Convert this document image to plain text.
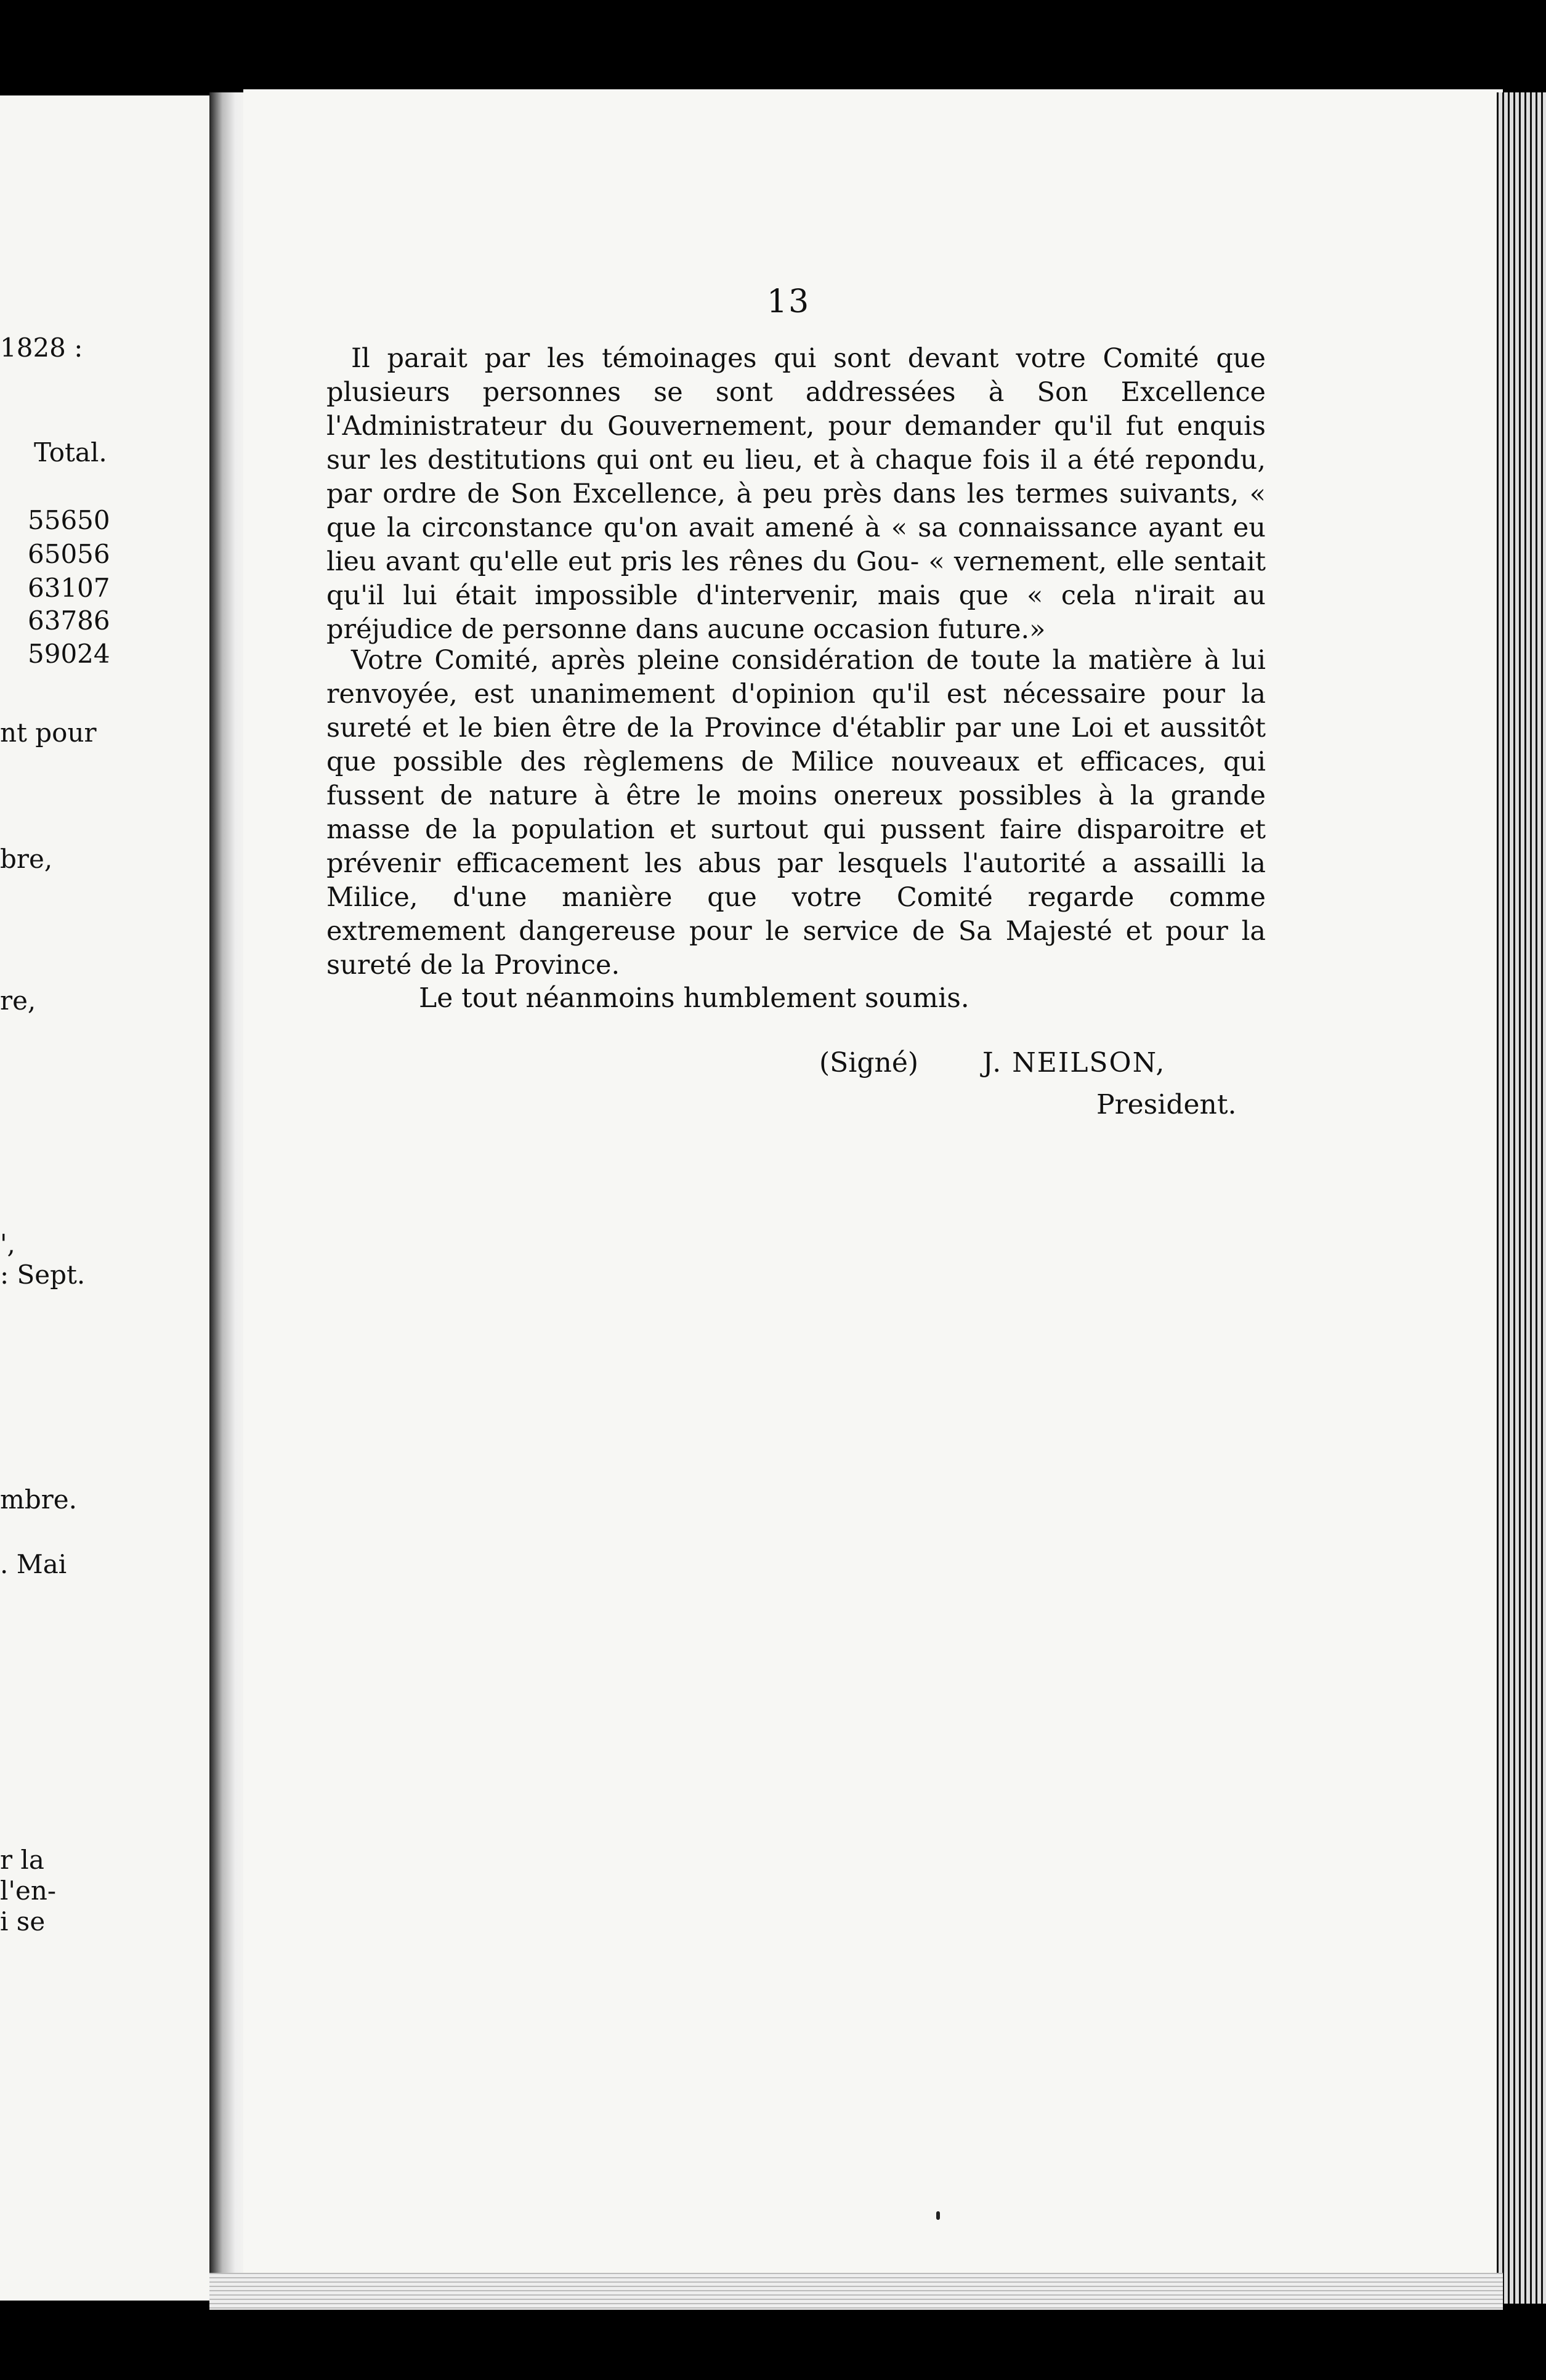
1828 :
Total.
55650
65056
63107
63786
59024
nt pour
bre,
re,
',
: Sept.
mbre.
. Mai
r la
l'en-
i se
13

Il parait par les témoinages qui sont devant votre Comité que plusieurs personnes se sont addressées à Son Excellence l'Administrateur du Gouvernement, pour demander qu'il fut enquis sur les destitutions qui ont eu lieu, et à chaque fois il a été repondu, par ordre de Son Excellence, à peu près dans les termes suivants, « que la circonstance qu'on avait amené à « sa connaissance ayant eu lieu avant qu'elle eut pris les rênes du Gou- « vernement, elle sentait qu'il lui était impossible d'intervenir, mais que « cela n'irait au préjudice de personne dans aucune occasion future.»

Votre Comité, après pleine considération de toute la matière à lui renvoyée, est unanimement d'opinion qu'il est nécessaire pour la sureté et le bien être de la Province d'établir par une Loi et aussitôt que possible des règlemens de Milice nouveaux et efficaces, qui fussent de nature à être le moins onereux possibles à la grande masse de la population et surtout qui pussent faire disparoitre et prévenir efficacement les abus par lesquels l'autorité a assailli la Milice, d'une manière que votre Comité regarde comme extremement dangereuse pour le service de Sa Majesté et pour la sureté de la Province.

Le tout néanmoins humblement soumis.
(Signé) J. NEILSON,
President.
